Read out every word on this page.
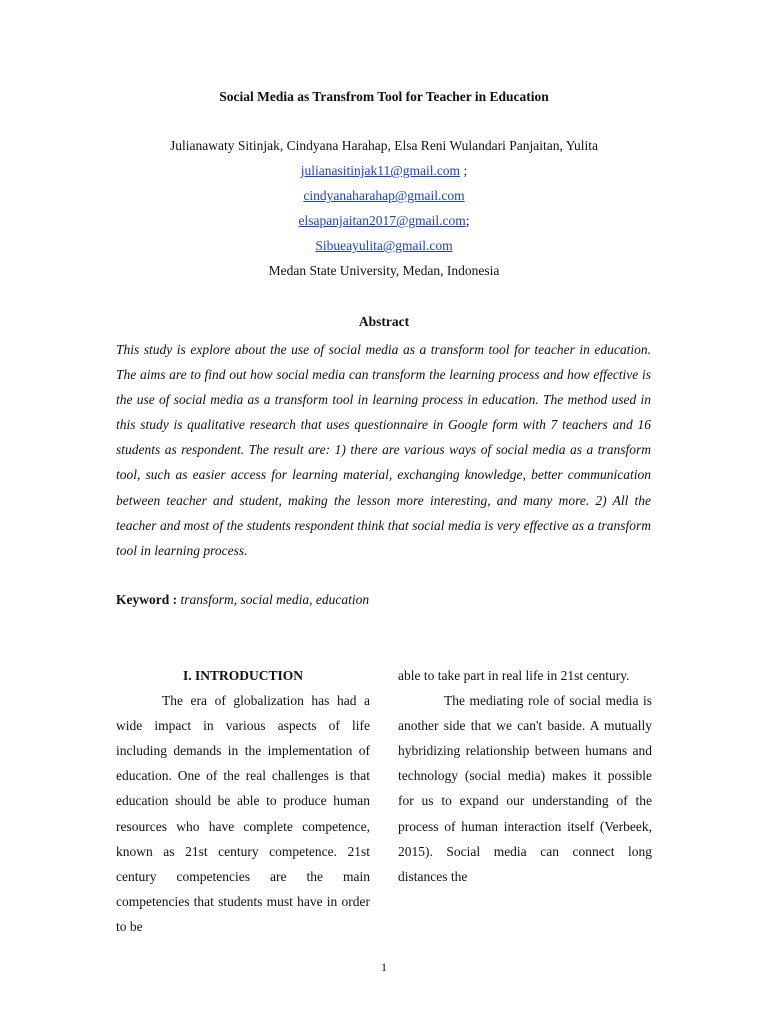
Social Media as Transfrom Tool for Teacher in Education
Julianawaty Sitinjak, Cindyana Harahap, Elsa Reni Wulandari Panjaitan, Yulita
julianasitinjak11@gmail.com ;
cindyanaharahap@gmail.com
elsapanjaitan2017@gmail.com;
Sibueayulita@gmail.com
Medan State University, Medan, Indonesia
Abstract

This study is explore about the use of social media as a transform tool for teacher in education. The aims are to find out how social media can transform the learning process and how effective is the use of social media as a transform tool in learning process in education. The method used in this study is qualitative research that uses questionnaire in Google form with 7 teachers and 16 students as respondent. The result are: 1) there are various ways of social media as a transform tool, such as easier access for learning material, exchanging knowledge, better communication between teacher and student, making the lesson more interesting, and many more. 2) All the teacher and most of the students respondent think that social media is very effective as a transform tool in learning process.

Keyword : transform, social media, education
I. INTRODUCTION

The era of globalization has had a wide impact in various aspects of life including demands in the implementation of education. One of the real challenges is that education should be able to produce human resources who have complete competence, known as 21st century competence. 21st century competencies are the main competencies that students must have in order to be

able to take part in real life in 21st century.

The mediating role of social media is another side that we can't baside. A mutually hybridizing relationship between humans and technology (social media) makes it possible for us to expand our understanding of the process of human interaction itself (Verbeek, 2015). Social media can connect long distances the

1
